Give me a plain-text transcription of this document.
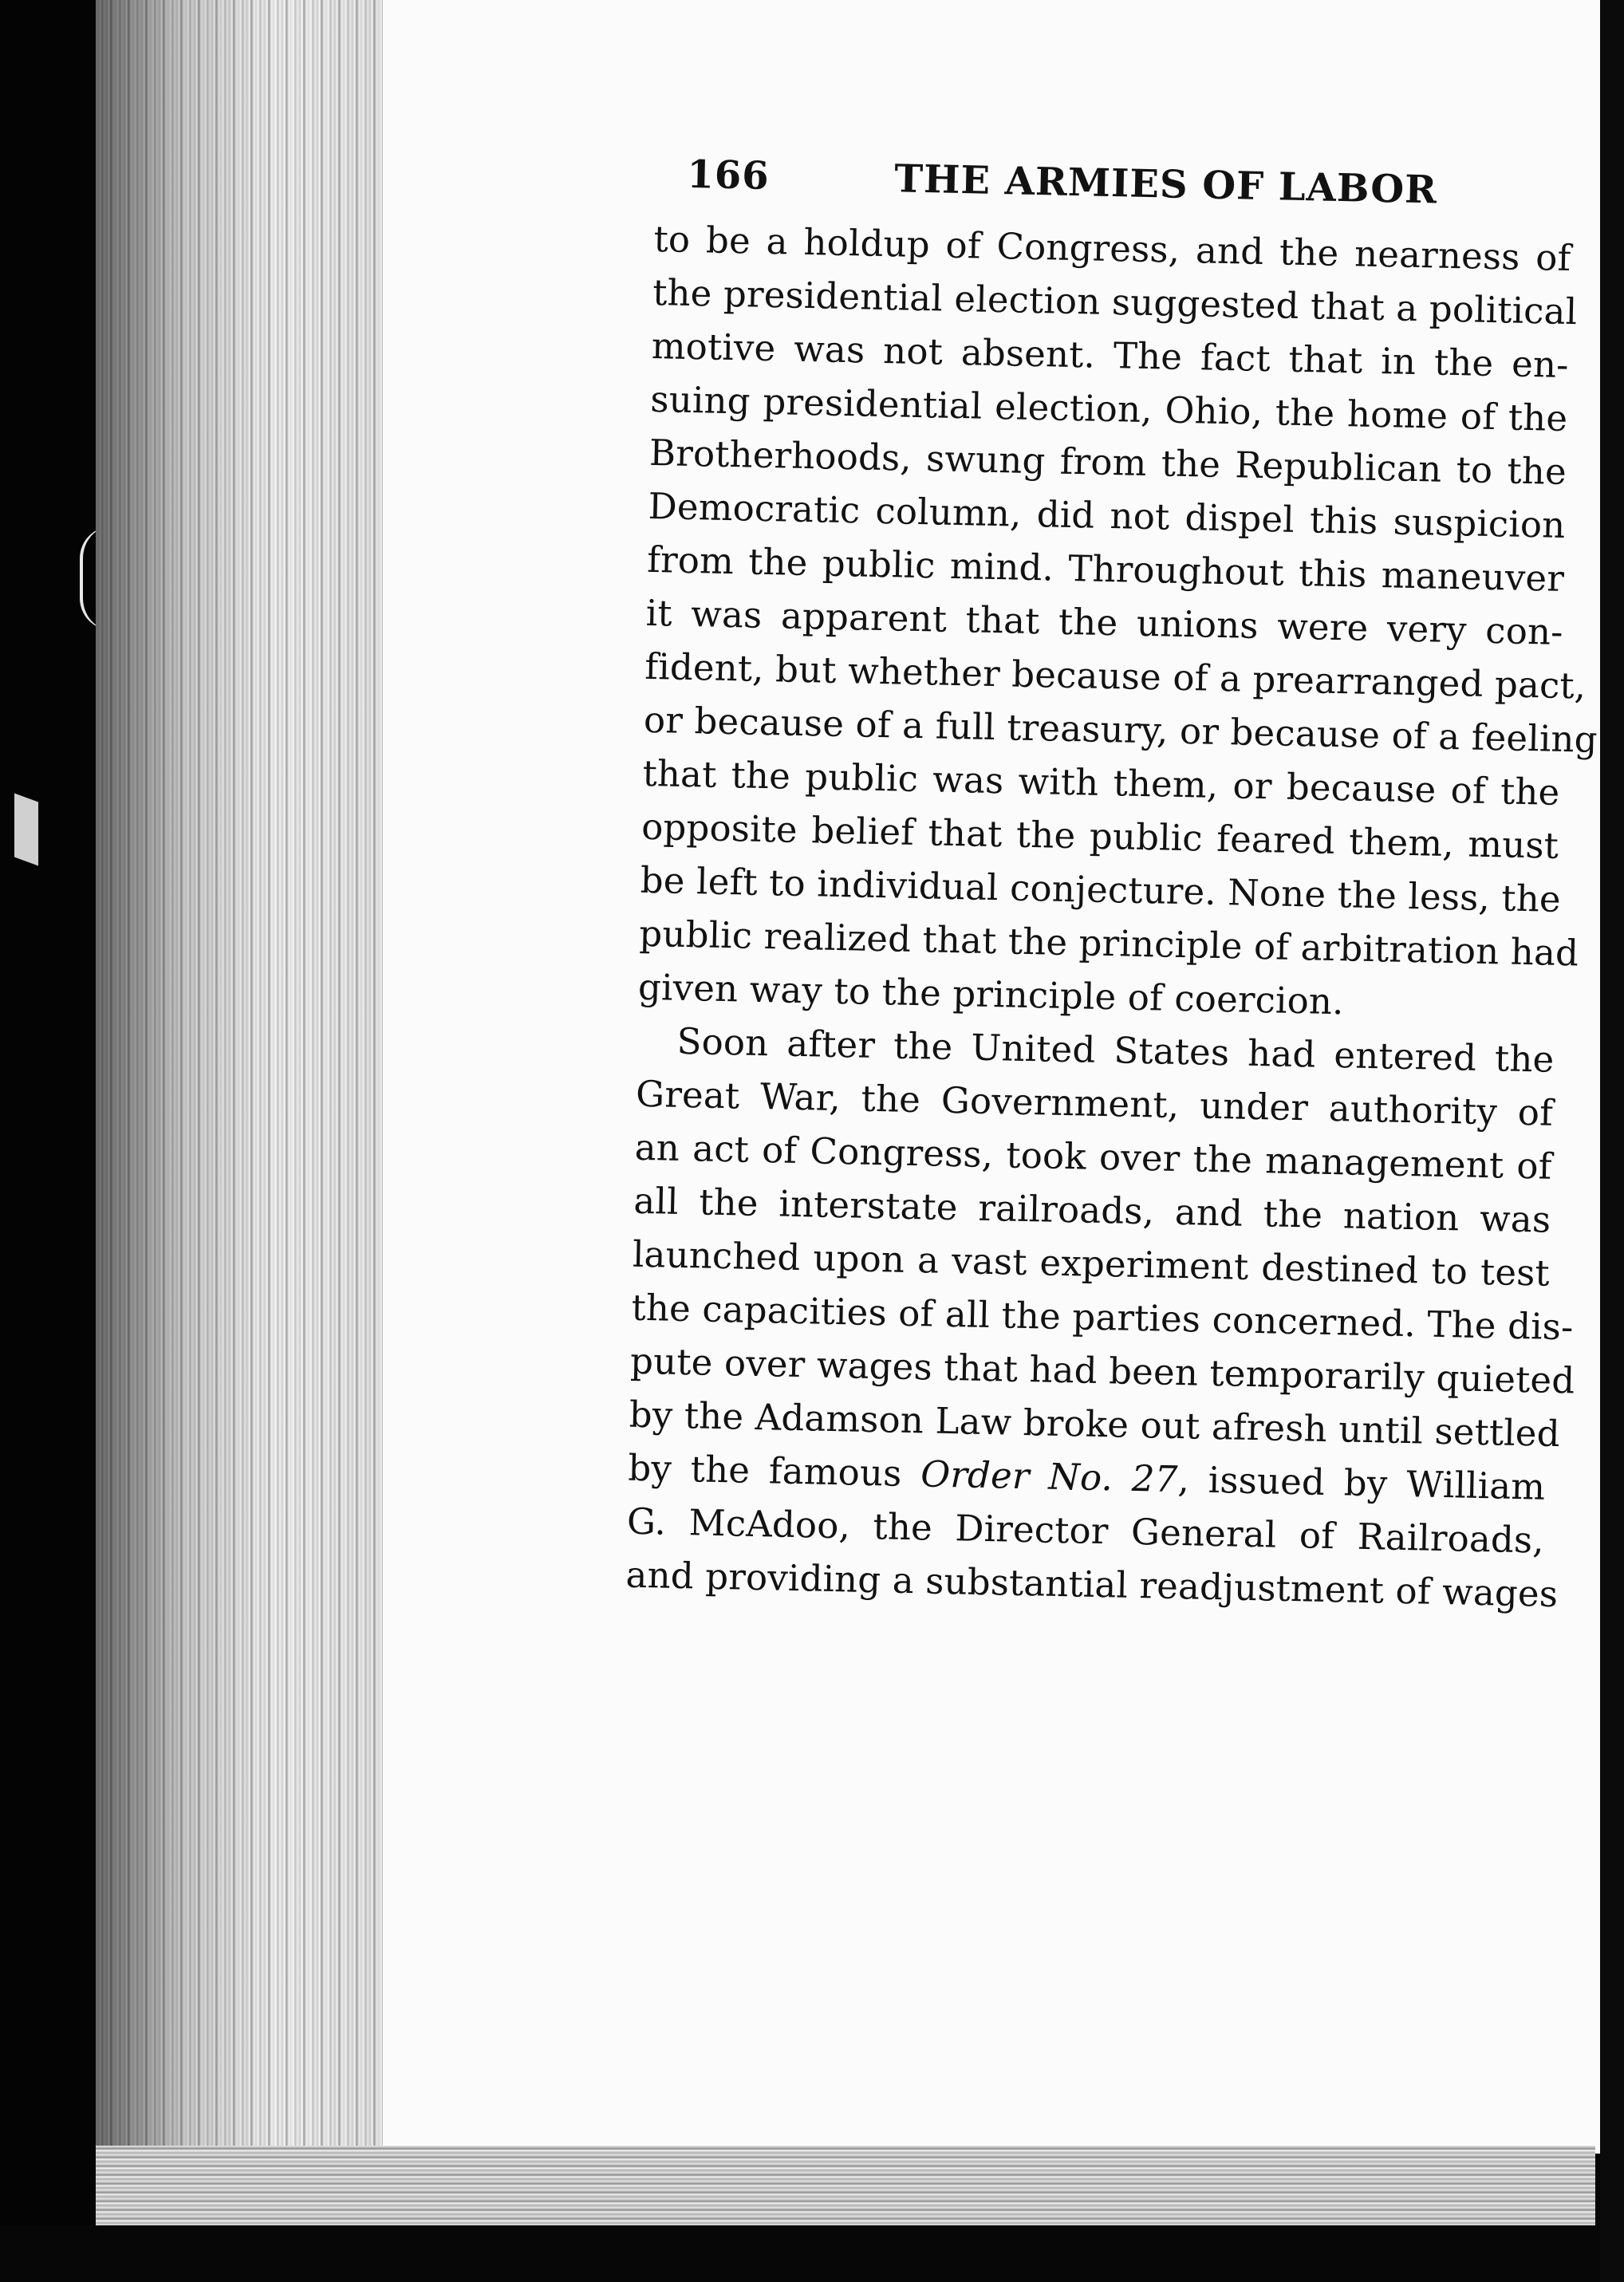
166	THE ARMIES OF LABOR
to be a holdup of Congress, and the nearness of
the presidential election suggested that a political
motive was not absent. The fact that in the en-
suing presidential election, Ohio, the home of the
Brotherhoods, swung from the Republican to the
Democratic column, did not dispel this suspicion
from the public mind. Throughout this maneuver
it was apparent that the unions were very con-
fident, but whether because of a prearranged pact,
or because of a full treasury, or because of a feeling
that the public was with them, or because of the
opposite belief that the public feared them, must
be left to individual conjecture. None the less, the
public realized that the principle of arbitration had
given way to the principle of coercion.
Soon after the United States had entered the
Great War, the Government, under authority of
an act of Congress, took over the management of
all the interstate railroads, and the nation was
launched upon a vast experiment destined to test
the capacities of all the parties concerned. The dis-
pute over wages that had been temporarily quieted
by the Adamson Law broke out afresh until settled
by the famous Order No. 27, issued by William
G. McAdoo, the Director General of Railroads,
and providing a substantial readjustment of wages
